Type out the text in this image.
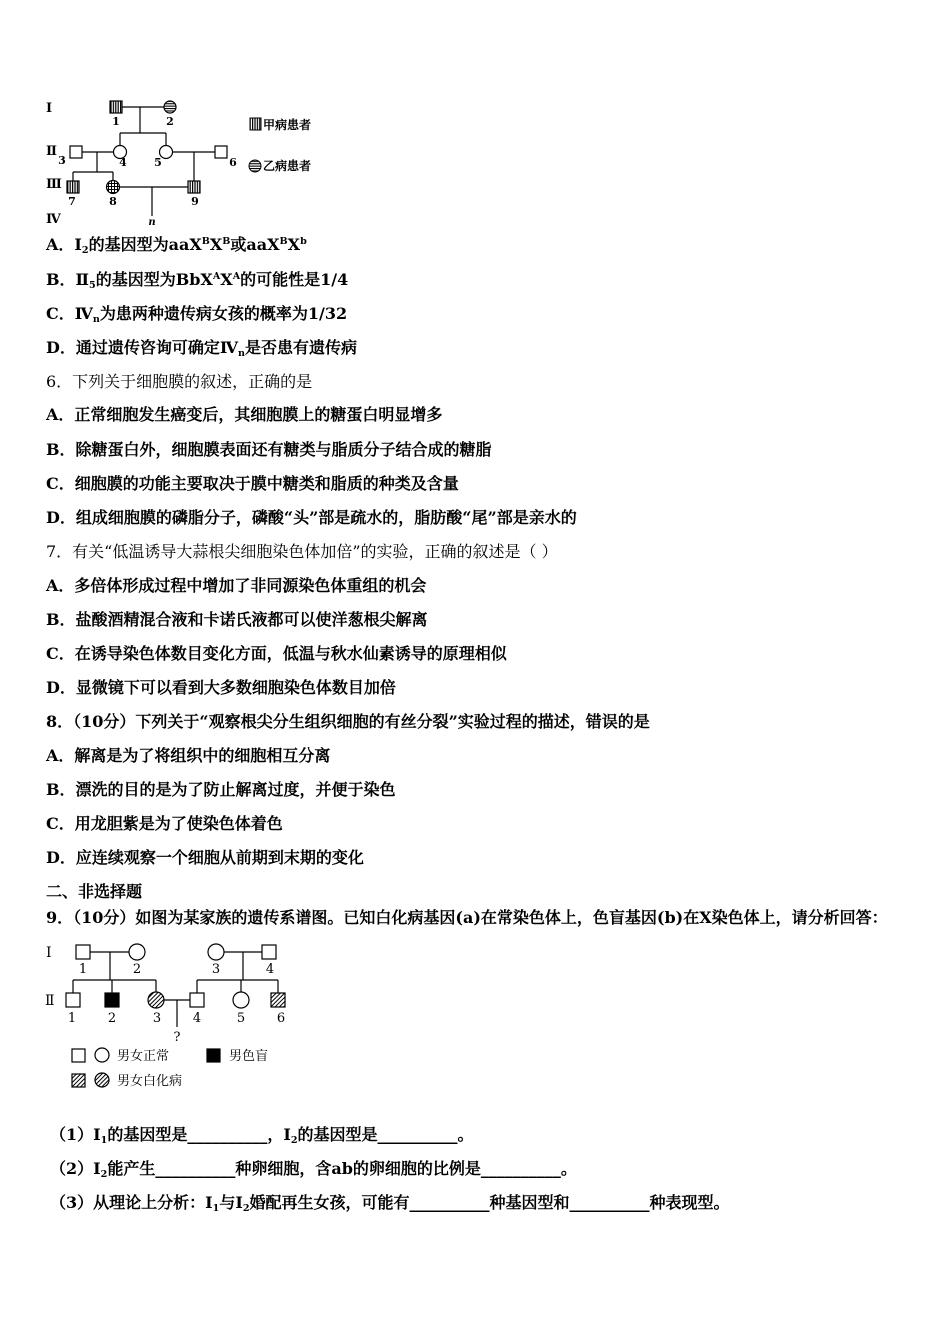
Ⅰ
Ⅱ
Ⅲ
Ⅳ
1	2
3	4 5	6
7	8	9
n
甲病患者
乙病患者
A．$Ⅰ_2$的基因型为$aaX^BX^B$或$aaX^BX^b$
B．$Ⅱ_5$的基因型为$BbX^AX^A$的可能性是1/4
C．$Ⅳ_n$为患两种遗传病女孩的概率为1/32
D．通过遗传咨询可确定$Ⅳ_n$是否患有遗传病
6．下列关于细胞膜的叙述，正确的是
A．正常细胞发生癌变后，其细胞膜上的糖蛋白明显增多
B．除糖蛋白外，细胞膜表面还有糖类与脂质分子结合成的糖脂
C．细胞膜的功能主要取决于膜中糖类和脂质的种类及含量
D．组成细胞膜的磷脂分子，磷酸“头”部是疏水的，脂肪酸“尾”部是亲水的
7．有关“低温诱导大蒜根尖细胞染色体加倍”的实验，正确的叙述是（ ）
A．多倍体形成过程中增加了非同源染色体重组的机会
B．盐酸酒精混合液和卡诺氏液都可以使洋葱根尖解离
C．在诱导染色体数目变化方面，低温与秋水仙素诱导的原理相似
D．显微镜下可以看到大多数细胞染色体数目加倍
8．（10分）下列关于“观察根尖分生组织细胞的有丝分裂”实验过程的描述，错误的是
A．解离是为了将组织中的细胞相互分离
B．漂洗的目的是为了防止解离过度，并便于染色
C．用龙胆紫是为了使染色体着色
D．应连续观察一个细胞从前期到末期的变化
二、非选择题
9．（10分）如图为某家族的遗传系谱图。已知白化病基因(a)在常染色体上，色盲基因(b)在X染色体上，请分析回答：
Ⅰ
Ⅱ
1	2	3	4
1 2	3 4	5 6
?
男女正常	男色盲
男女白化病
$(1)Ⅰ_1$的基因型是__________，$Ⅰ_2$的基因型是__________。
$(2)Ⅰ_2$能产生__________种卵细胞，含ab的卵细胞的比例是__________。
（3）从理论上分析：$Ⅰ_1$与$Ⅰ_2$婚配再生女孩，可能有__________种基因型和__________种表现型。
